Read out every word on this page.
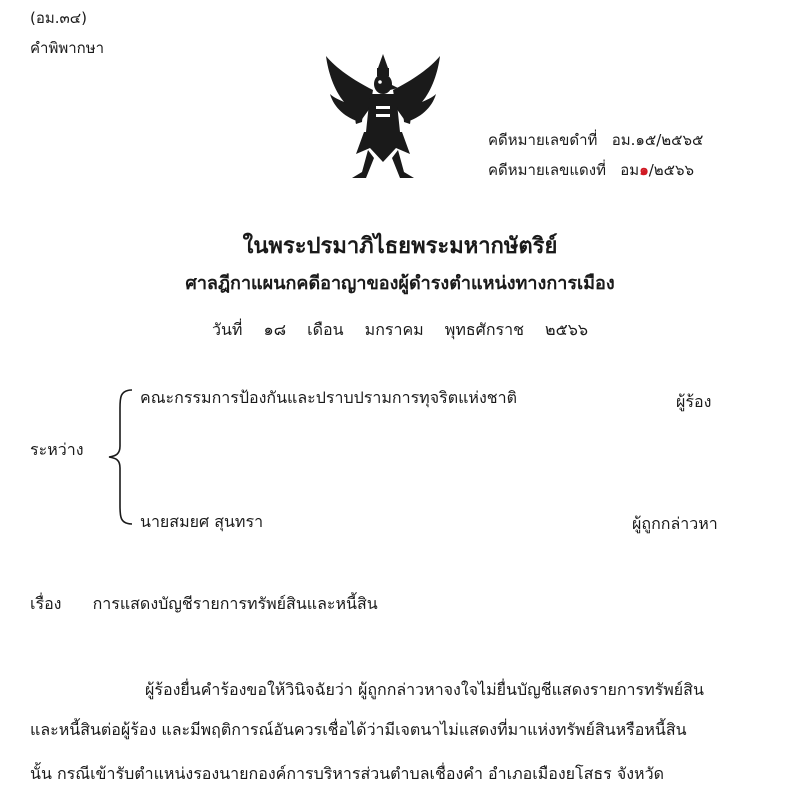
(อม.๓๔)
คำพิพากษา
คดีหมายเลขดำที่ อม.๑๕/๒๕๖๕
คดีหมายเลขแดงที่ อม๑/๒๕๖๖
ในพระปรมาภิไธยพระมหากษัตริย์
ศาลฎีกาแผนกคดีอาญาของผู้ดำรงตำแหน่งทางการเมือง
วันที่ ๑๘ เดือน มกราคม พุทธศักราช ๒๕๖๖
ระหว่าง
คณะกรรมการป้องกันและปราบปรามการทุจริตแห่งชาติ	ผู้ร้อง
นายสมยศ สุนทรา	ผู้ถูกกล่าวหา
เรื่อง การแสดงบัญชีรายการทรัพย์สินและหนี้สิน
ผู้ร้องยื่นคำร้องขอให้วินิจฉัยว่า ผู้ถูกกล่าวหาจงใจไม่ยื่นบัญชีแสดงรายการทรัพย์สิน
และหนี้สินต่อผู้ร้อง และมีพฤติการณ์อันควรเชื่อได้ว่ามีเจตนาไม่แสดงที่มาแห่งทรัพย์สินหรือหนี้สิน
นั้น กรณีเข้ารับตำแหน่งรองนายกองค์การบริหารส่วนตำบลเชื่องคำ อำเภอเมืองยโสธร จังหวัด
